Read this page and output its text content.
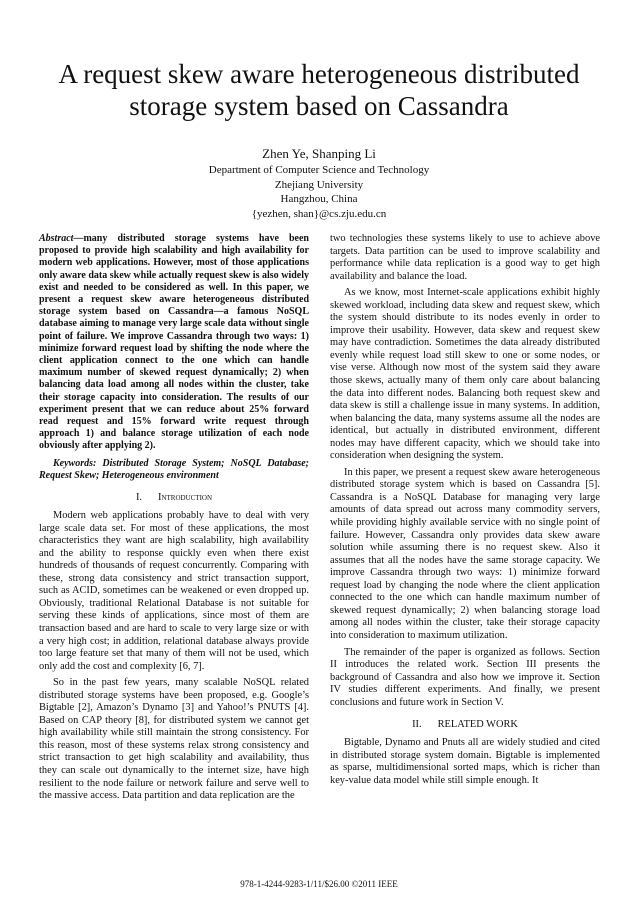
A request skew aware heterogeneous distributed storage system based on Cassandra
Zhen Ye, Shanping Li
Department of Computer Science and Technology
Zhejiang University
Hangzhou, China
{yezhen, shan}@cs.zju.edu.cn

Abstract—many distributed storage systems have been proposed to provide high scalability and high availability for modern web applications. However, most of those applications only aware data skew while actually request skew is also widely exist and needed to be considered as well. In this paper, we present a request skew aware heterogeneous distributed storage system based on Cassandra—a famous NoSQL database aiming to manage very large scale data without single point of failure. We improve Cassandra through two ways: 1) minimize forward request load by shifting the node where the client application connect to the one which can handle maximum number of skewed request dynamically; 2) when balancing data load among all nodes within the cluster, take their storage capacity into consideration. The results of our experiment present that we can reduce about 25% forward read request and 15% forward write request through approach 1) and balance storage utilization of each node obviously after applying 2).

Keywords: Distributed Storage System; NoSQL Database; Request Skew; Heterogeneous environment

I. Introduction

Modern web applications probably have to deal with very large scale data set. For most of these applications, the most characteristics they want are high scalability, high availability and the ability to response quickly even when there exist hundreds of thousands of request concurrently. Comparing with these, strong data consistency and strict transaction support, such as ACID, sometimes can be weakened or even dropped up. Obviously, traditional Relational Database is not suitable for serving these kinds of applications, since most of them are transaction based and are hard to scale to very large size or with a very high cost; in addition, relational database always provide too large feature set that many of them will not be used, which only add the cost and complexity [6, 7].

So in the past few years, many scalable NoSQL related distributed storage systems have been proposed, e.g. Google’s Bigtable [2], Amazon’s Dynamo [3] and Yahoo!’s PNUTS [4]. Based on CAP theory [8], for distributed system we cannot get high availability while still maintain the strong consistency. For this reason, most of these systems relax strong consistency and strict transaction to get high scalability and availability, thus they can scale out dynamically to the internet size, have high resilient to the node failure or network failure and serve well to the massive access. Data partition and data replication are the

two technologies these systems likely to use to achieve above targets. Data partition can be used to improve scalability and performance while data replication is a good way to get high availability and balance the load.

As we know, most Internet-scale applications exhibit highly skewed workload, including data skew and request skew, which the system should distribute to its nodes evenly in order to improve their usability. However, data skew and request skew may have contradiction. Sometimes the data already distributed evenly while request load still skew to one or some nodes, or vise verse. Although now most of the system said they aware those skews, actually many of them only care about balancing the data into different nodes. Balancing both request skew and data skew is still a challenge issue in many systems. In addition, when balancing the data, many systems assume all the nodes are identical, but actually in distributed environment, different nodes may have different capacity, which we should take into consideration when designing the system.

In this paper, we present a request skew aware heterogeneous distributed storage system which is based on Cassandra [5]. Cassandra is a NoSQL Database for managing very large amounts of data spread out across many commodity servers, while providing highly available service with no single point of failure. However, Cassandra only provides data skew aware solution while assuming there is no request skew. Also it assumes that all the nodes have the same storage capacity. We improve Cassandra through two ways: 1) minimize forward request load by changing the node where the client application connected to the one which can handle maximum number of skewed request dynamically; 2) when balancing storage load among all nodes within the cluster, take their storage capacity into consideration to maximum utilization.

The remainder of the paper is organized as follows. Section II introduces the related work. Section III presents the background of Cassandra and also how we improve it. Section IV studies different experiments. And finally, we present conclusions and future work in Section V.

II. RELATED WORK

Bigtable, Dynamo and Pnuts all are widely studied and cited in distributed storage system domain. Bigtable is implemented as sparse, multidimensional sorted maps, which is richer than key-value data model while still simple enough. It

978-1-4244-9283-1/11/$26.00 ©2011 IEEE
